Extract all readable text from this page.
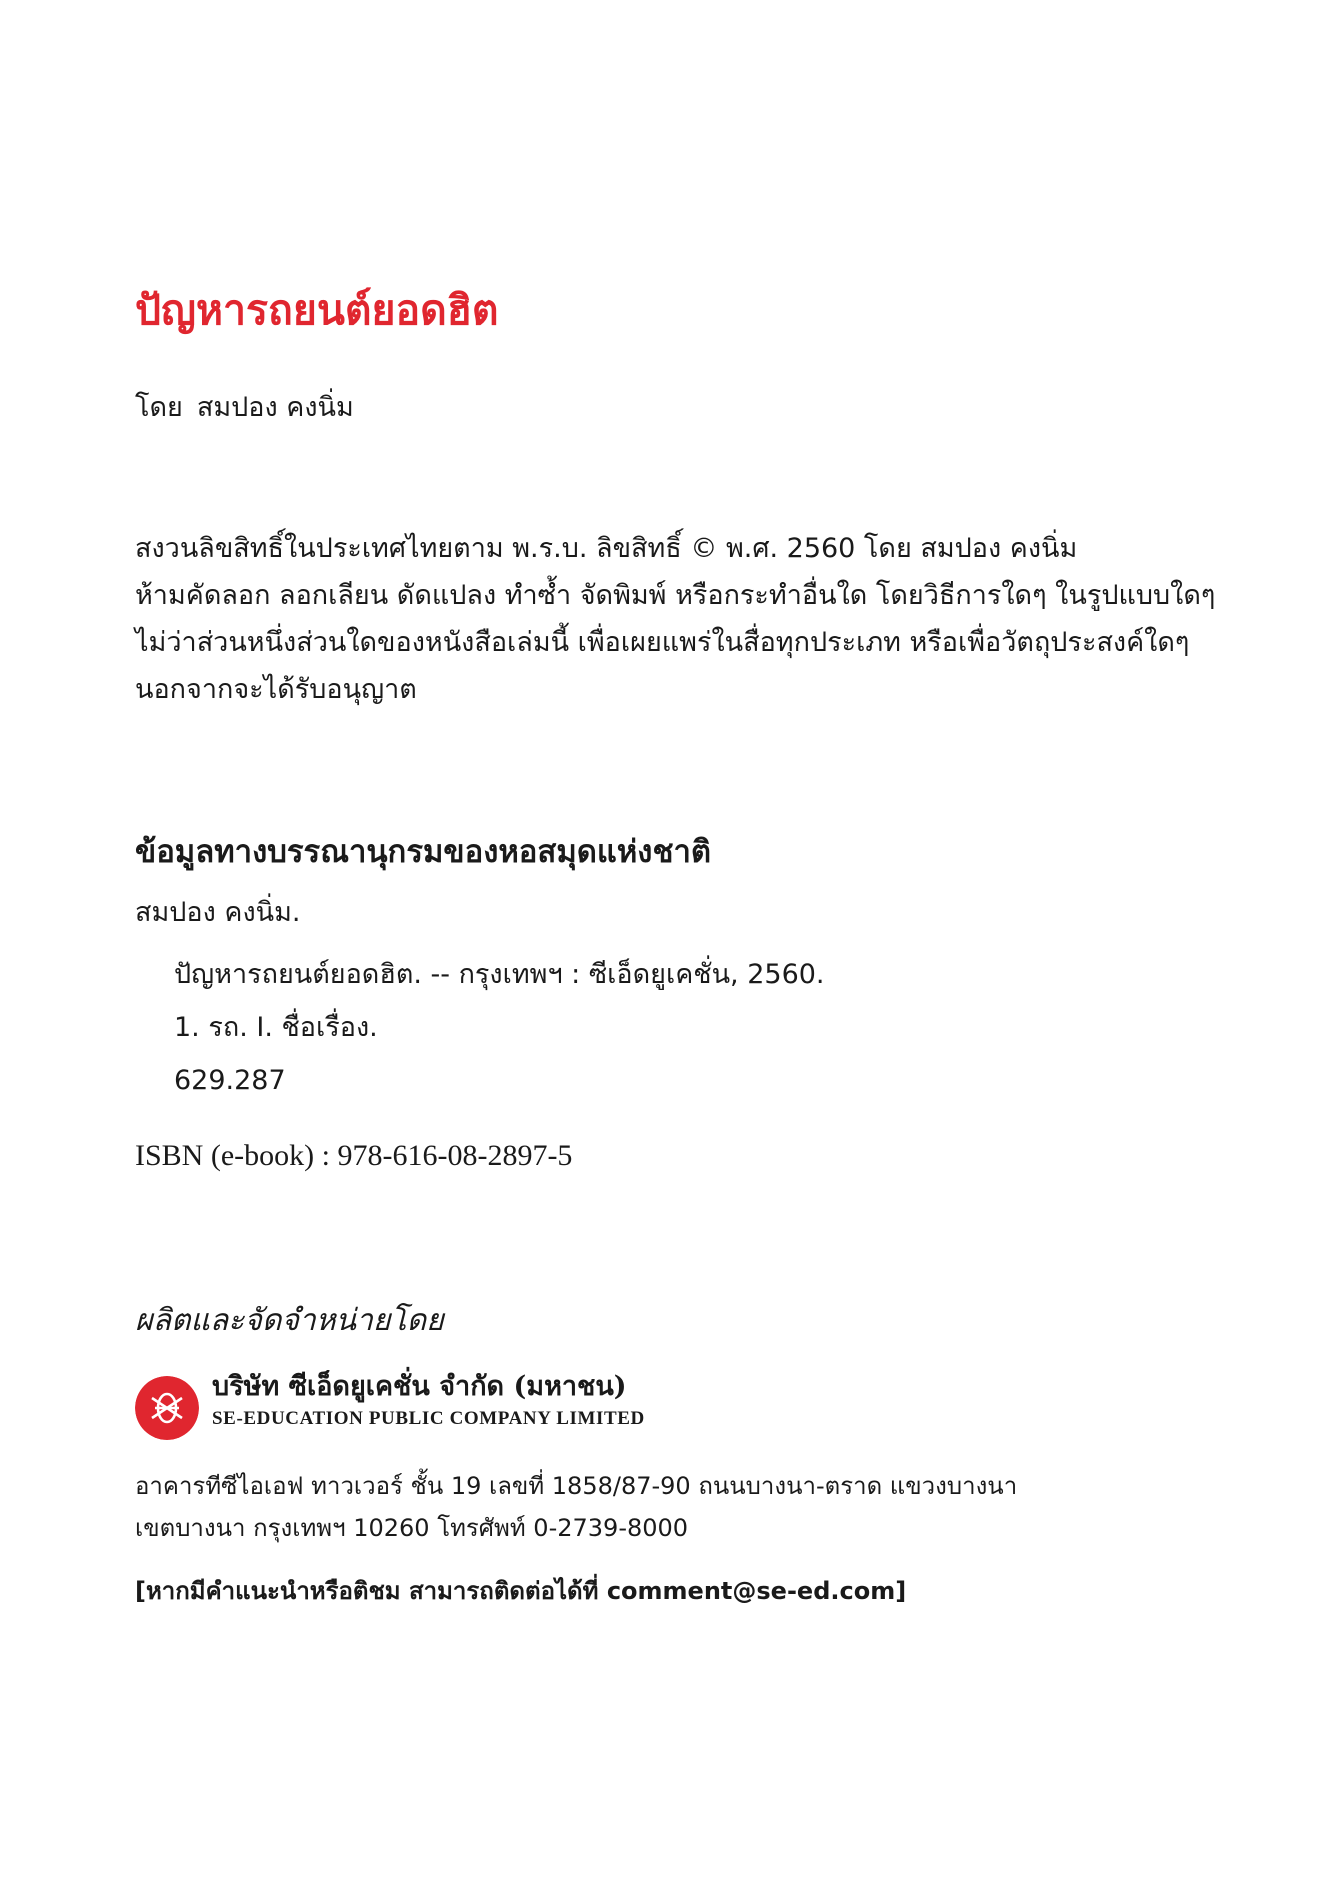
ปัญหารถยนต์ยอดฮิต
โดย สมปอง คงนิ่ม
สงวนลิขสิทธิ์ในประเทศไทยตาม พ.ร.บ. ลิขสิทธิ์ © พ.ศ. 2560 โดย สมปอง คงนิ่ม
ห้ามคัดลอก ลอกเลียน ดัดแปลง ทำซ้ำ จัดพิมพ์ หรือกระทำอื่นใด โดยวิธีการใดๆ ในรูปแบบใดๆ
ไม่ว่าส่วนหนึ่งส่วนใดของหนังสือเล่มนี้ เพื่อเผยแพร่ในสื่อทุกประเภท หรือเพื่อวัตถุประสงค์ใดๆ
นอกจากจะได้รับอนุญาต
ข้อมูลทางบรรณานุกรมของหอสมุดแห่งชาติ
สมปอง คงนิ่ม.
ปัญหารถยนต์ยอดฮิต. -- กรุงเทพฯ : ซีเอ็ดยูเคชั่น, 2560.
1. รถ. I. ชื่อเรื่อง.
629.287
ISBN (e-book) : 978-616-08-2897-5
ผลิตและจัดจำหน่ายโดย
บริษัท ซีเอ็ดยูเคชั่น จำกัด (มหาชน)
SE-EDUCATION PUBLIC COMPANY LIMITED
อาคารทีซีไอเอฟ ทาวเวอร์ ชั้น 19 เลขที่ 1858/87-90 ถนนบางนา-ตราด แขวงบางนา
เขตบางนา กรุงเทพฯ 10260 โทรศัพท์ 0-2739-8000
[หากมีคำแนะนำหรือติชม สามารถติดต่อได้ที่ comment@se-ed.com]
